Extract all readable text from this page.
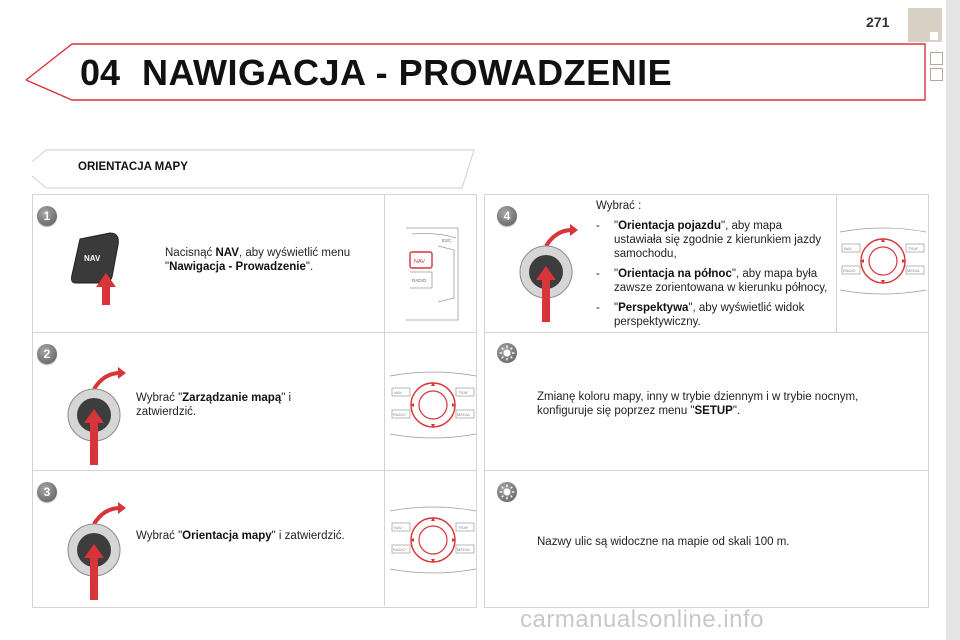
271
04 NAWIGACJA - PROWADZENIE
ORIENTACJA MAPY
1
NAV	Nacisnąć NAV, aby wyświetlić menu "Nawigacja - Prowadzenie".	NAV
ESC
RADIO
2
Wybrać "Zarządzanie mapą" i zatwierdzić.
NAV
RADIO
TRAF
MEDIA
3
Wybrać "Orientacja mapy" i zatwierdzić.
NAV
RADIO
TRAF
MEDIA
4
Wybrać :
-	"Orientacja pojazdu", aby mapa ustawiała się zgodnie z kierunkiem jazdy samochodu,
-	"Orientacja na północ", aby mapa była zawsze zorientowana w kierunku północy,
-	"Perspektywa", aby wyświetlić widok perspektywiczny.
NAV
RADIO
TRAF
MEDIA
Zmianę koloru mapy, inny w trybie dziennym i w trybie nocnym, konfiguruje się poprzez menu "SETUP".
Nazwy ulic są widoczne na mapie od skali 100 m.
carmanualsonline.info
